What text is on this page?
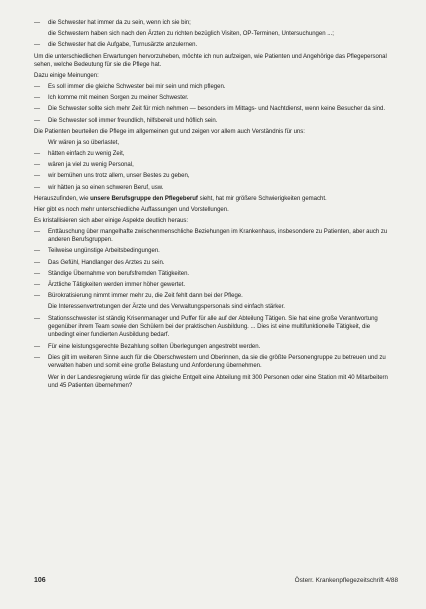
—	die Schwester hat immer da zu sein, wenn ich sie bin;
die Schwestern haben sich nach den Ärzten zu richten bezüglich Visiten, OP-Terminen, Untersuchungen ...;
—	die Schwester hat die Aufgabe, Turnusärzte anzulernen.

Um die unterschiedlichen Erwartungen hervorzuheben, möchte ich nun aufzeigen, wie Patienten und Angehörige das Pflegepersonal sehen, welche Bedeutung für sie die Pflege hat.

Dazu einige Meinungen:

—	Es soll immer die gleiche Schwester bei mir sein und mich pflegen.
—	Ich komme mit meinen Sorgen zu meiner Schwester.
—	Die Schwester sollte sich mehr Zeit für mich nehmen — besonders im Mittags- und Nachtdienst, wenn keine Besucher da sind.
—	Die Schwester soll immer freundlich, hilfsbereit und höflich sein.

Die Patienten beurteilen die Pflege im allgemeinen gut und zeigen vor allem auch Verständnis für uns:

Wir wären ja so überlastet,
—	hätten einfach zu wenig Zeit,
—	wären ja viel zu wenig Personal,
—	wir bemühen uns trotz allem, unser Bestes zu geben,
—	wir hätten ja so einen schweren Beruf, usw.

Herauszufinden, wie unsere Berufsgruppe den Pflegeberuf sieht, hat mir größere Schwierigkeiten gemacht.

Hier gibt es noch mehr unterschiedliche Auffassungen und Vorstellungen.

Es kristallisieren sich aber einige Aspekte deutlich heraus:

—	Enttäuschung über mangelhafte zwischenmenschliche Beziehungen im Krankenhaus, insbesondere zu Patienten, aber auch zu anderen Berufsgruppen.
—	Teilweise ungünstige Arbeitsbedingungen.
—	Das Gefühl, Handlanger des Arztes zu sein.
—	Ständige Übernahme von berufsfremden Tätigkeiten.
—	Ärztliche Tätigkeiten werden immer höher gewertet.
—	Bürokratisierung nimmt immer mehr zu, die Zeit fehlt dann bei der Pflege.
Die Interessenvertretungen der Ärzte und des Verwaltungspersonals sind einfach stärker.
—	Stationsschwester ist ständig Krisenmanager und Puffer für alle auf der Abteilung Tätigen. Sie hat eine große Verantwortung gegenüber ihrem Team sowie den Schülern bei der praktischen Ausbildung. ... Dies ist eine multifunktionelle Tätigkeit, die unbedingt einer fundierten Ausbildung bedarf.
—	Für eine leistungsgerechte Bezahlung sollten Überlegungen angestrebt werden.
—	Dies gilt im weiteren Sinne auch für die Oberschwestern und Oberinnen, da sie die größte Personengruppe zu betreuen und zu verwalten haben und somit eine große Belastung und Anforderung übernehmen.
Wer in der Landesregierung würde für das gleiche Entgelt eine Abteilung mit 300 Personen oder eine Station mit 40 Mitarbeitern und 45 Patienten übernehmen?
106	Österr. Krankenpflegezeitschrift 4/88
